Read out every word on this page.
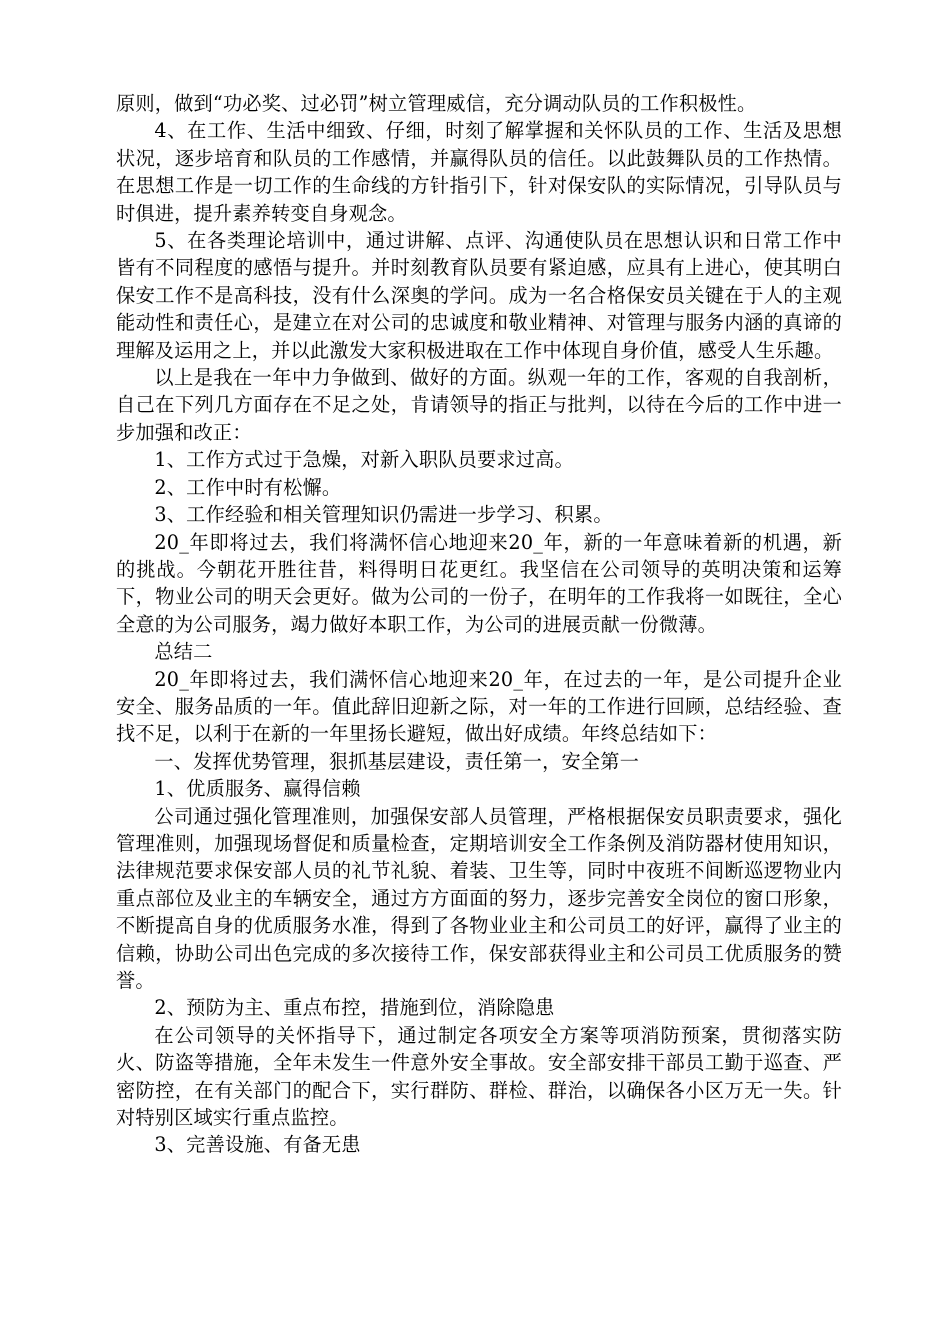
原则，做到“功必奖、过必罚”树立管理威信，充分调动队员的工作积极性。

4、在工作、生活中细致、仔细，时刻了解掌握和关怀队员的工作、生活及思想状况，逐步培育和队员的工作感情，并赢得队员的信任。以此鼓舞队员的工作热情。在思想工作是一切工作的生命线的方针指引下，针对保安队的实际情况，引导队员与时俱进，提升素养转变自身观念。

5、在各类理论培训中，通过讲解、点评、沟通使队员在思想认识和日常工作中皆有不同程度的感悟与提升。并时刻教育队员要有紧迫感，应具有上进心，使其明白保安工作不是高科技，没有什么深奥的学问。成为一名合格保安员关键在于人的主观能动性和责任心，是建立在对公司的忠诚度和敬业精神、对管理与服务内涵的真谛的理解及运用之上，并以此激发大家积极进取在工作中体现自身价值，感受人生乐趣。

以上是我在一年中力争做到、做好的方面。纵观一年的工作，客观的自我剖析，自己在下列几方面存在不足之处，肯请领导的指正与批判，以待在今后的工作中进一步加强和改正：

1、工作方式过于急燥，对新入职队员要求过高。

2、工作中时有松懈。

3、工作经验和相关管理知识仍需进一步学习、积累。

20_年即将过去，我们将满怀信心地迎来20_年，新的一年意味着新的机遇，新的挑战。今朝花开胜往昔，料得明日花更红。我坚信在公司领导的英明决策和运筹下，物业公司的明天会更好。做为公司的一份子，在明年的工作我将一如既往，全心全意的为公司服务，竭力做好本职工作，为公司的进展贡献一份微薄。

总结二

20_年即将过去，我们满怀信心地迎来20_年，在过去的一年，是公司提升企业安全、服务品质的一年。值此辞旧迎新之际，对一年的工作进行回顾，总结经验、查找不足，以利于在新的一年里扬长避短，做出好成绩。年终总结如下：

一、发挥优势管理，狠抓基层建设，责任第一，安全第一

1、优质服务、赢得信赖

公司通过强化管理准则，加强保安部人员管理，严格根据保安员职责要求，强化管理准则，加强现场督促和质量检查，定期培训安全工作条例及消防器材使用知识，法律规范要求保安部人员的礼节礼貌、着装、卫生等，同时中夜班不间断巡逻物业内重点部位及业主的车辆安全，通过方方面面的努力，逐步完善安全岗位的窗口形象，不断提高自身的优质服务水准，得到了各物业业主和公司员工的好评，赢得了业主的信赖，协助公司出色完成的多次接待工作，保安部获得业主和公司员工优质服务的赞誉。

2、预防为主、重点布控，措施到位，消除隐患

在公司领导的关怀指导下，通过制定各项安全方案等项消防预案，贯彻落实防火、防盗等措施，全年未发生一件意外安全事故。安全部安排干部员工勤于巡查、严密防控，在有关部门的配合下，实行群防、群检、群治，以确保各小区万无一失。针对特别区域实行重点监控。

3、完善设施、有备无患
